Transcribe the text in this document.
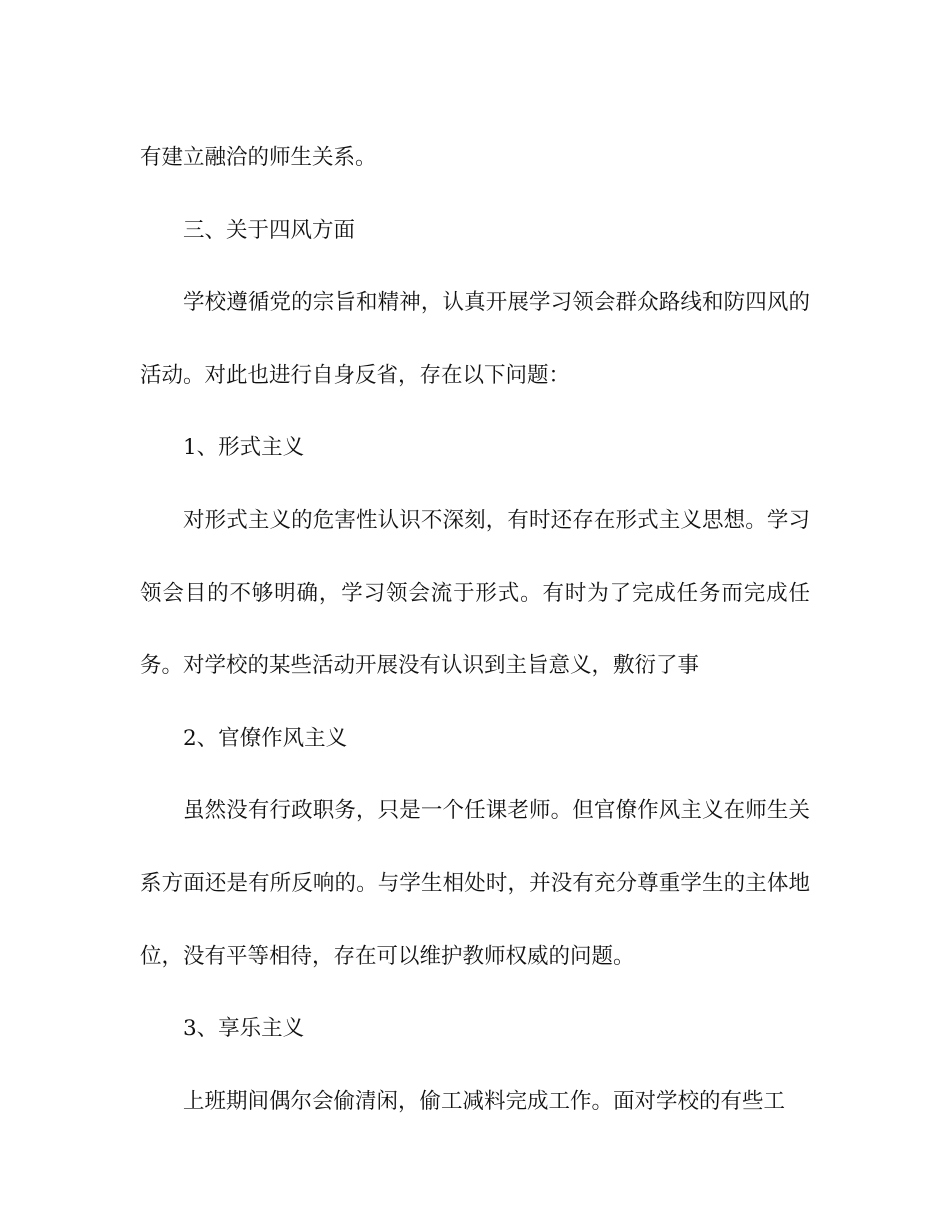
有建立融洽的师生关系。

三、关于四风方面

学校遵循党的宗旨和精神，认真开展学习领会群众路线和防四风的活动。对此也进行自身反省，存在以下问题：

1、形式主义

对形式主义的危害性认识不深刻，有时还存在形式主义思想。学习领会目的不够明确，学习领会流于形式。有时为了完成任务而完成任务。对学校的某些活动开展没有认识到主旨意义，敷衍了事

2、官僚作风主义

虽然没有行政职务，只是一个任课老师。但官僚作风主义在师生关系方面还是有所反响的。与学生相处时，并没有充分尊重学生的主体地位，没有平等相待，存在可以维护教师权威的问题。

3、享乐主义

上班期间偶尔会偷清闲，偷工减料完成工作。面对学校的有些工
